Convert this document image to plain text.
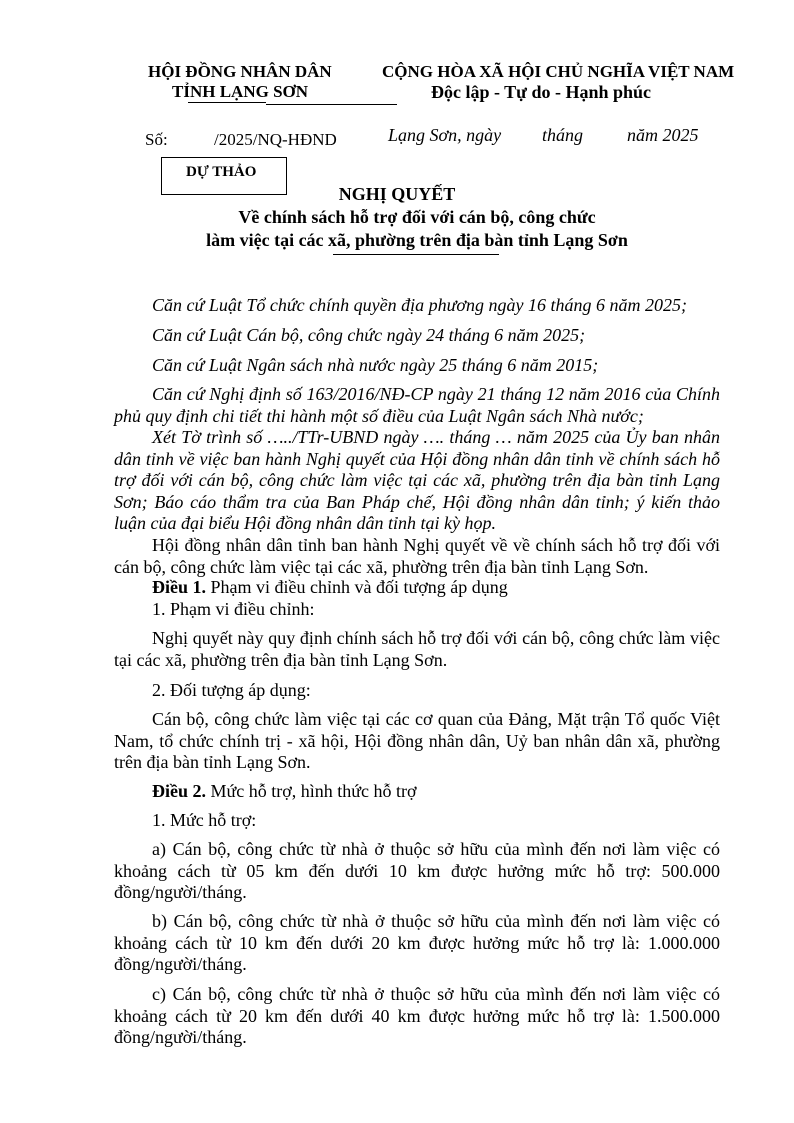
HỘI ĐỒNG NHÂN DÂN
TỈNH LẠNG SƠN
CỘNG HÒA XÃ HỘI CHỦ NGHĨA VIỆT NAM
Độc lập - Tự do - Hạnh phúc
Số:	/2025/NQ-HĐND	Lạng Sơn, ngày tháng năm 2025
DỰ THẢO
NGHỊ QUYẾT
Về chính sách hỗ trợ đối với cán bộ, công chức
làm việc tại các xã, phường trên địa bàn tỉnh Lạng Sơn
Căn cứ Luật Tổ chức chính quyền địa phương ngày 16 tháng 6 năm 2025;
Căn cứ Luật Cán bộ, công chức ngày 24 tháng 6 năm 2025;
Căn cứ Luật Ngân sách nhà nước ngày 25 tháng 6 năm 2015;

Căn cứ Nghị định số 163/2016/NĐ-CP ngày 21 tháng 12 năm 2016 của Chính phủ quy định chi tiết thi hành một số điều của Luật Ngân sách Nhà nước;

Xét Tờ trình số …../TTr-UBND ngày …. tháng … năm 2025 của Ủy ban nhân dân tỉnh về việc ban hành Nghị quyết của Hội đồng nhân dân tỉnh về chính sách hỗ trợ đối với cán bộ, công chức làm việc tại các xã, phường trên địa bàn tỉnh Lạng Sơn; Báo cáo thẩm tra của Ban Pháp chế, Hội đồng nhân dân tỉnh; ý kiến thảo luận của đại biểu Hội đồng nhân dân tỉnh tại kỳ họp.

Hội đồng nhân dân tỉnh ban hành Nghị quyết về về chính sách hỗ trợ đối với cán bộ, công chức làm việc tại các xã, phường trên địa bàn tỉnh Lạng Sơn.

Điều 1. Phạm vi điều chỉnh và đối tượng áp dụng
1. Phạm vi điều chỉnh:

Nghị quyết này quy định chính sách hỗ trợ đối với cán bộ, công chức làm việc tại các xã, phường trên địa bàn tỉnh Lạng Sơn.

2. Đối tượng áp dụng:

Cán bộ, công chức làm việc tại các cơ quan của Đảng, Mặt trận Tổ quốc Việt Nam, tổ chức chính trị - xã hội, Hội đồng nhân dân, Uỷ ban nhân dân xã, phường trên địa bàn tỉnh Lạng Sơn.

Điều 2. Mức hỗ trợ, hình thức hỗ trợ
1. Mức hỗ trợ:

a) Cán bộ, công chức từ nhà ở thuộc sở hữu của mình đến nơi làm việc có khoảng cách từ 05 km đến dưới 10 km được hưởng mức hỗ trợ: 500.000 đồng/người/tháng.

b) Cán bộ, công chức từ nhà ở thuộc sở hữu của mình đến nơi làm việc có khoảng cách từ 10 km đến dưới 20 km được hưởng mức hỗ trợ là: 1.000.000 đồng/người/tháng.

c) Cán bộ, công chức từ nhà ở thuộc sở hữu của mình đến nơi làm việc có khoảng cách từ 20 km đến dưới 40 km được hưởng mức hỗ trợ là: 1.500.000 đồng/người/tháng.
